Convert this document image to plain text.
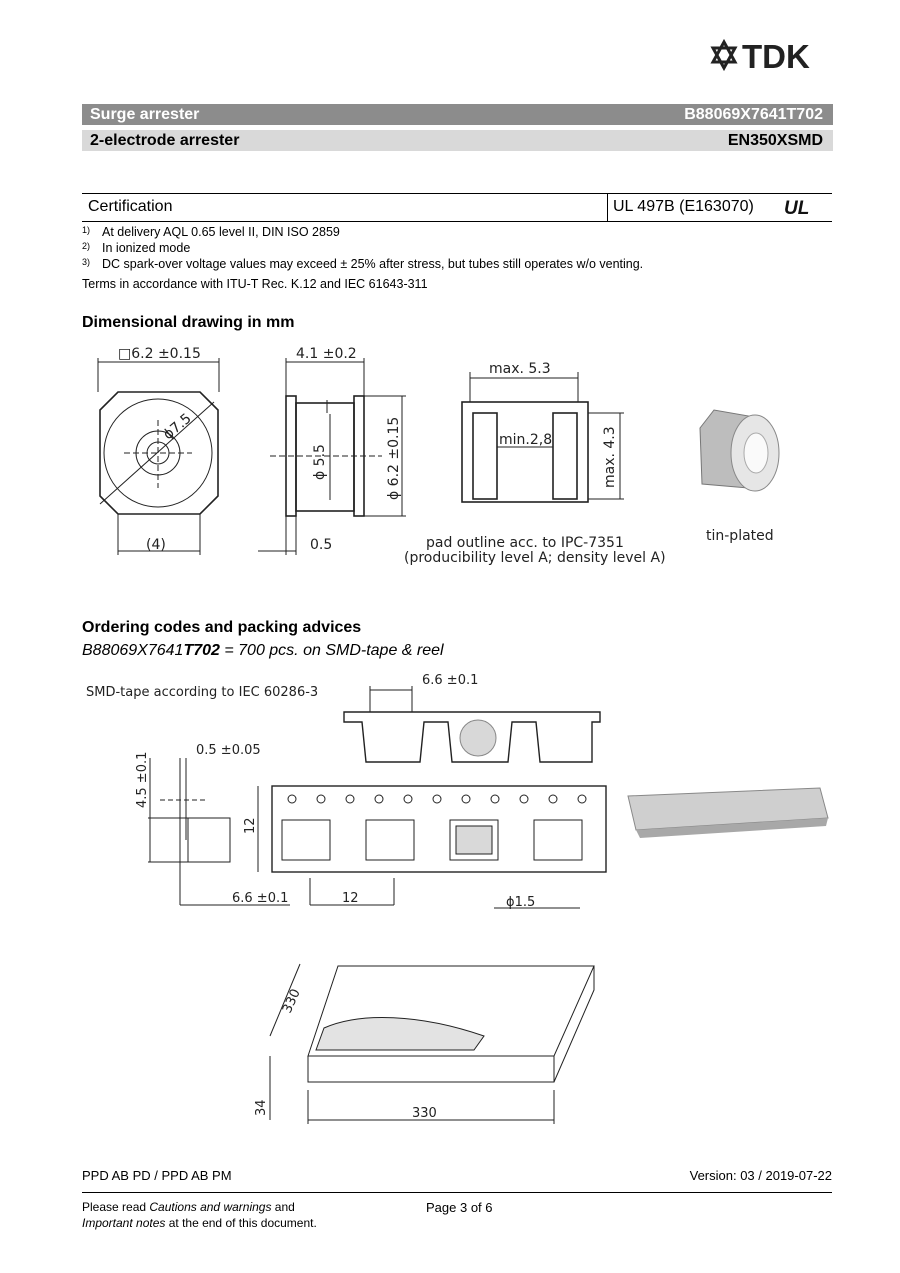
TDK
Surge arrester	B88069X7641T702
2-electrode arrester	EN350XSMD
Certification	UL 497B (E163070) UL
$^{1)}$ At delivery AQL 0.65 level II, DIN ISO 2859
$^{2)}$ In ionized mode
$^{3)}$ DC spark-over voltage values may exceed ± 25% after stress, but tubes still operates w/o venting.
Terms in accordance with ITU-T Rec. K.12 and IEC 61643-311
Dimensional drawing in mm
□6.2 ±0.15
ϕ7.5
(4)
4.1 ±0.2
ϕ 5.5	ϕ 6.2 ±0.15
0.5
max. 5.3
min.2,8	max. 4.3
pad outline acc. to IPC-7351
(producibility level A; density level A)
tin-plated
Ordering codes and packing advices
B88069X7641T702 = 700 pcs. on SMD-tape & reel
SMD-tape according to IEC 60286-3
6.6 ±0.1
0.5 ±0.05
4.5 ±0.1
12
6.6 ±0.1	12	ϕ1.5
330
34	330
PPD AB PD / PPD AB PM	Version: 03 / 2019-07-22
Page 3 of 6
Please read Cautions and warnings and
Important notes at the end of this document.
